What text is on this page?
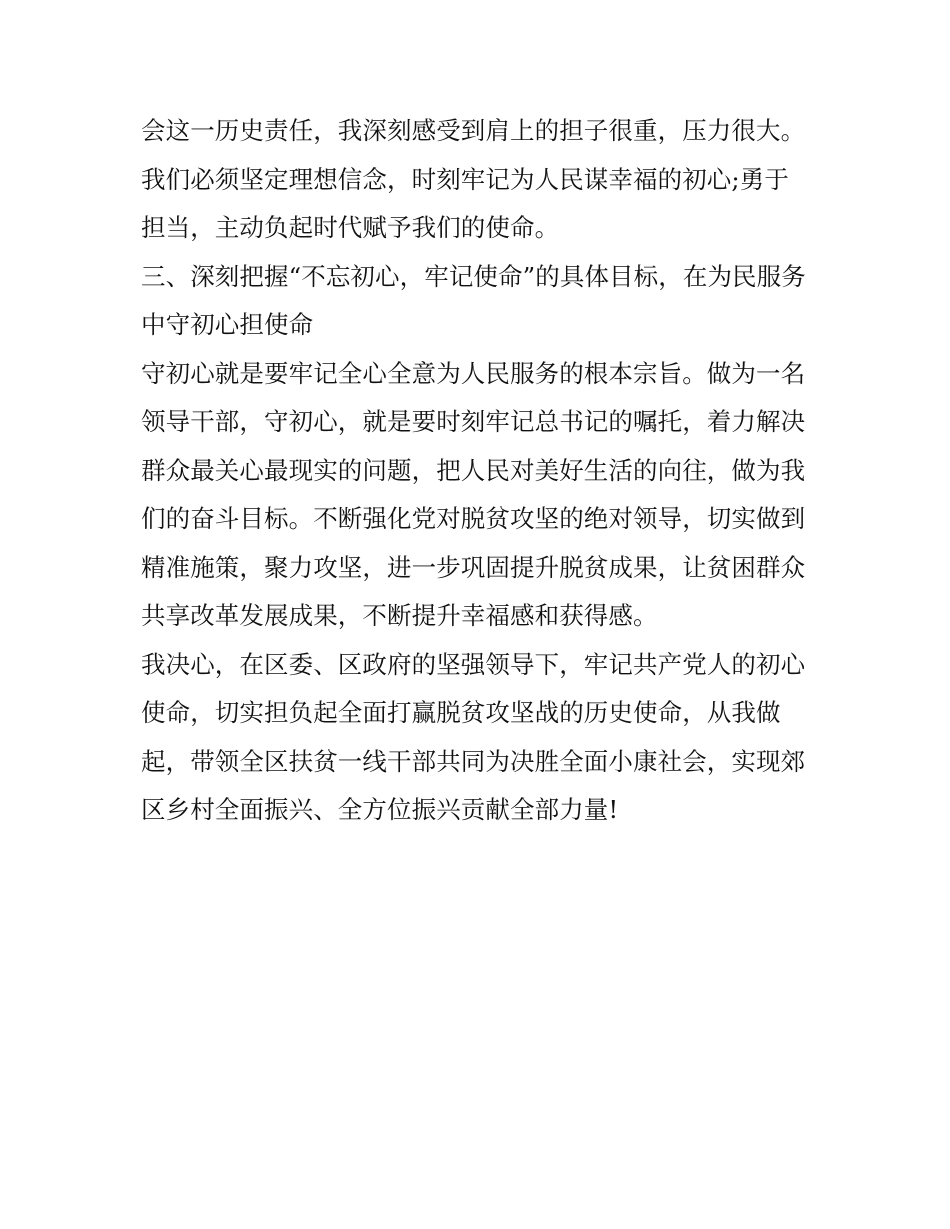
会这一历史责任，我深刻感受到肩上的担子很重，压力很大。
我们必须坚定理想信念，时刻牢记为人民谋幸福的初心;勇于
担当，主动负起时代赋予我们的使命。
三、深刻把握“不忘初心，牢记使命”的具体目标，在为民服务
中守初心担使命
守初心就是要牢记全心全意为人民服务的根本宗旨。做为一名
领导干部，守初心，就是要时刻牢记总书记的嘱托，着力解决
群众最关心最现实的问题，把人民对美好生活的向往，做为我
们的奋斗目标。不断强化党对脱贫攻坚的绝对领导，切实做到
精准施策，聚力攻坚，进一步巩固提升脱贫成果，让贫困群众
共享改革发展成果，不断提升幸福感和获得感。
我决心，在区委、区政府的坚强领导下，牢记共产党人的初心
使命，切实担负起全面打赢脱贫攻坚战的历史使命，从我做
起，带领全区扶贫一线干部共同为决胜全面小康社会，实现郊
区乡村全面振兴、全方位振兴贡献全部力量!
